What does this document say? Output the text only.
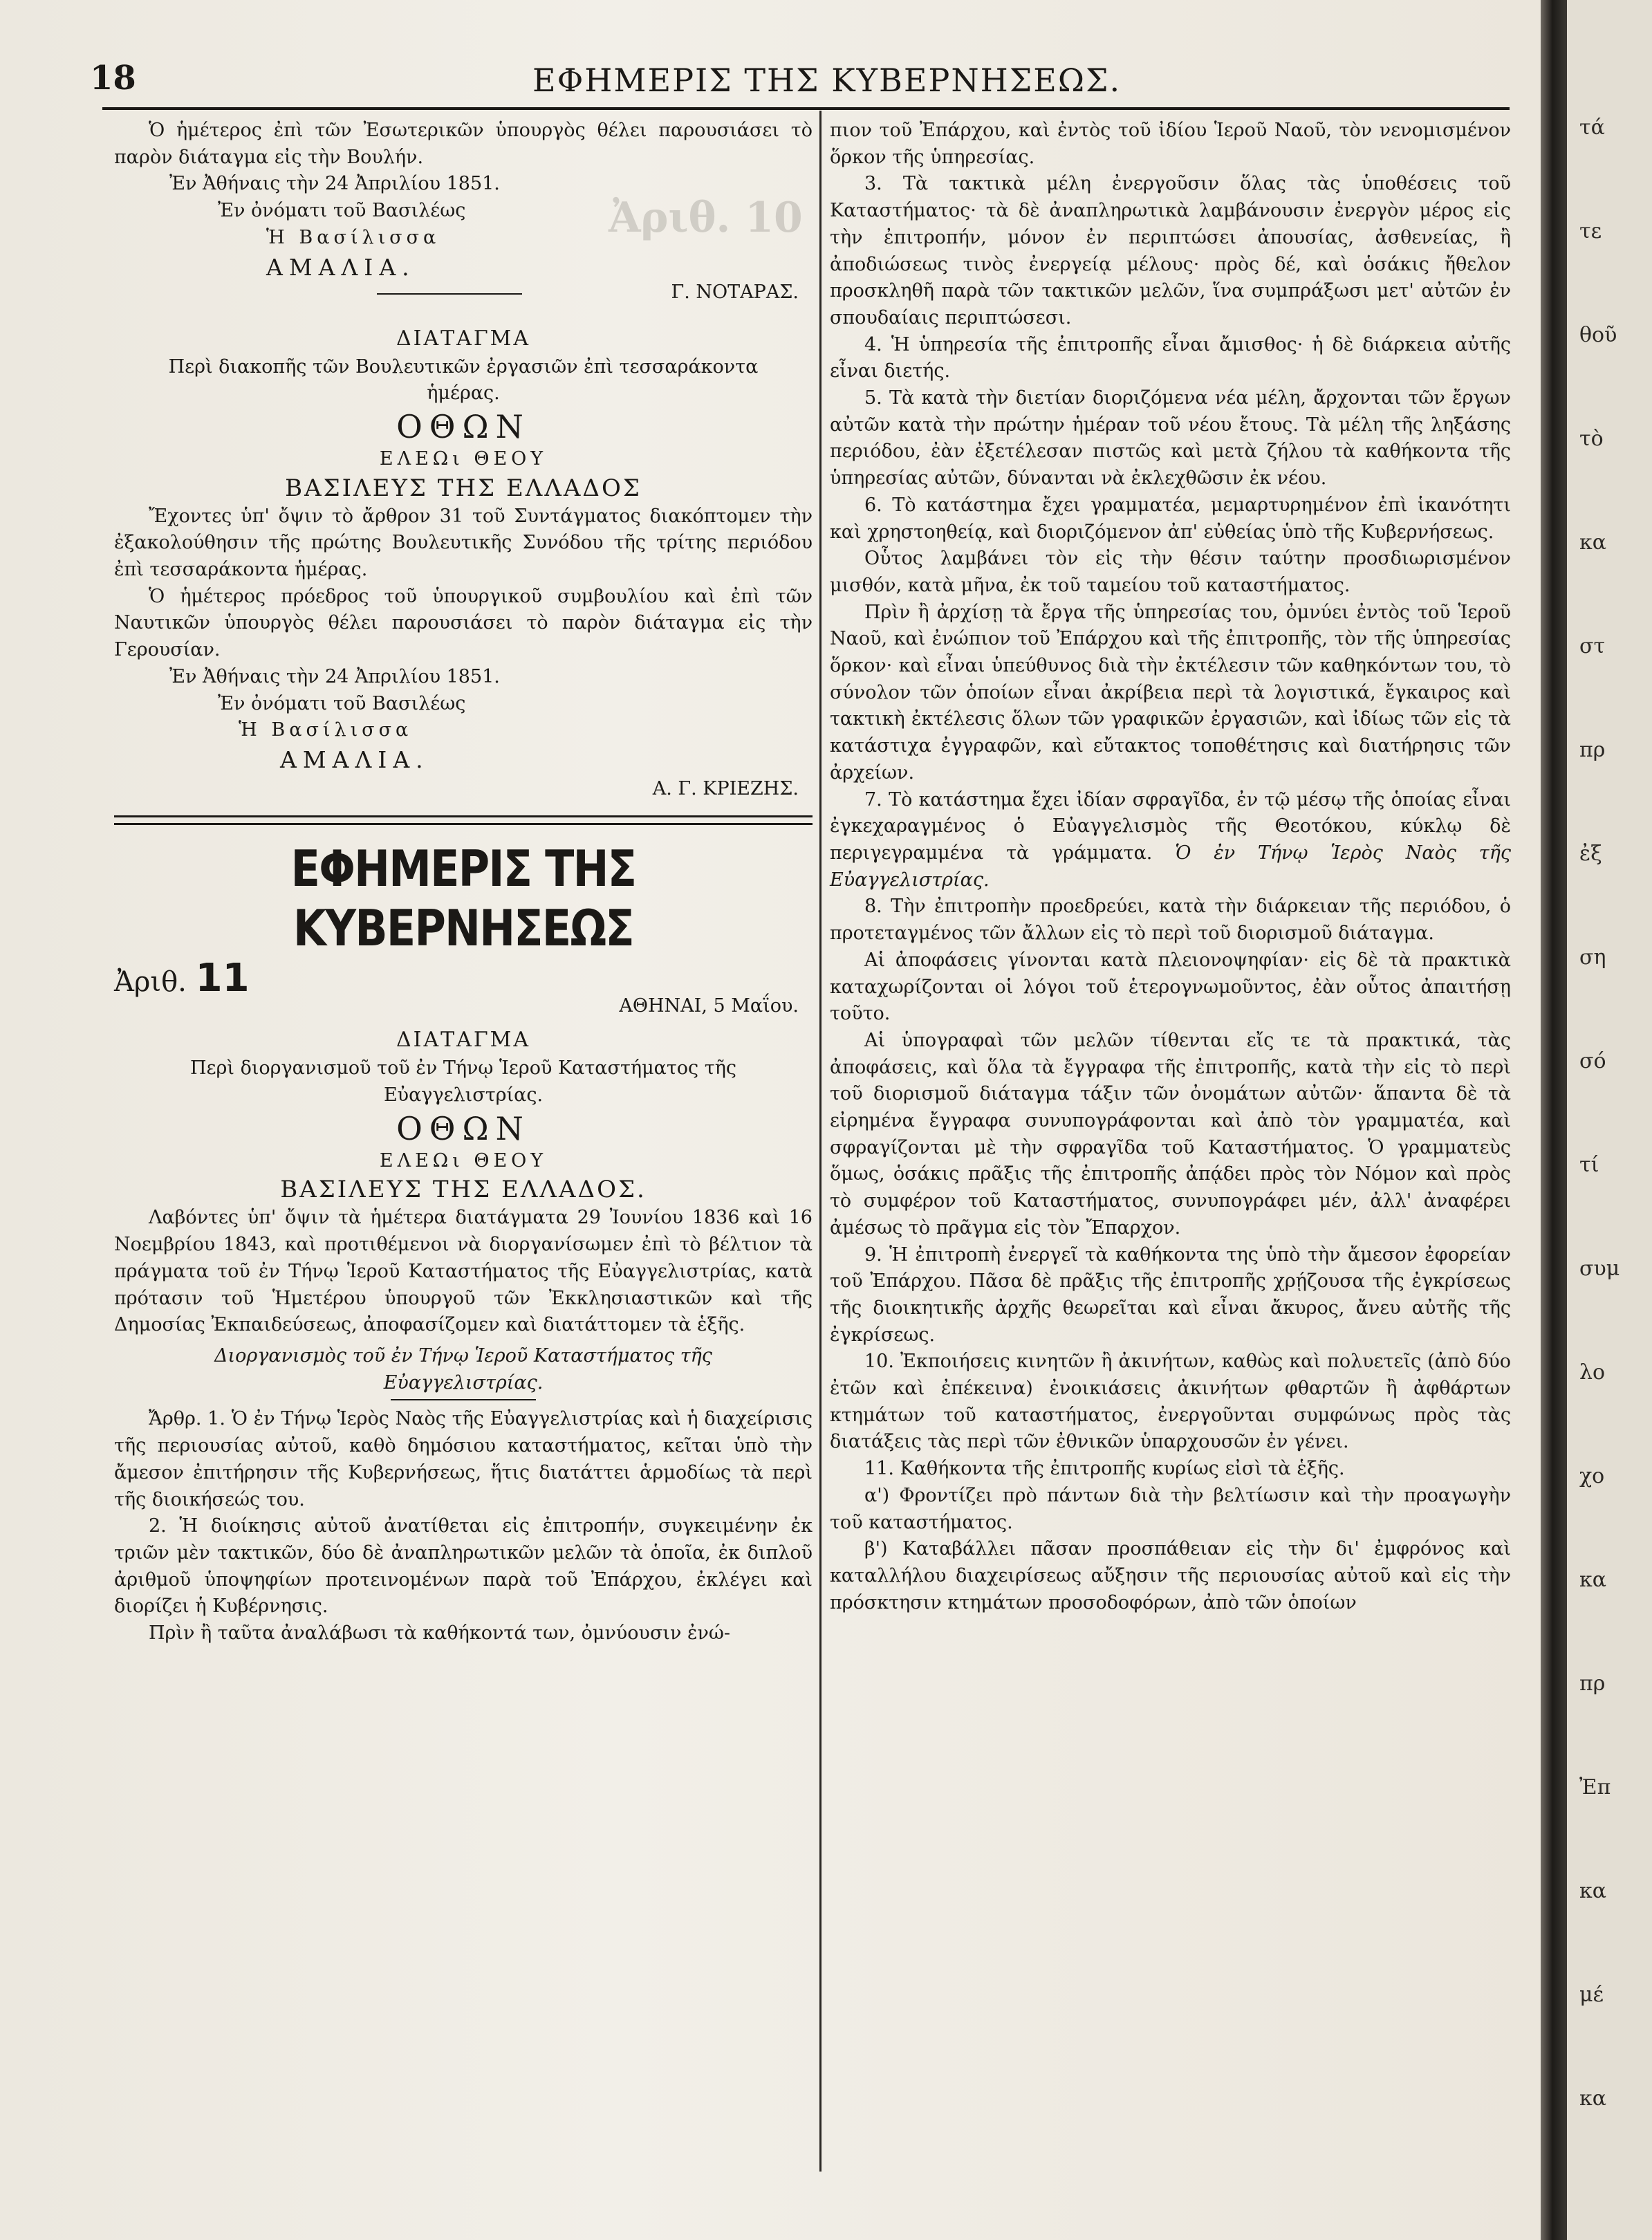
Ἀριθ. 10
18	ΕΦΗΜΕΡΙΣ ΤΗΣ ΚΥΒΕΡΝΗΣΕΩΣ.

Ὁ ἡμέτερος ἐπὶ τῶν Ἐσωτερικῶν ὑπουργὸς θέλει παρουσιάσει τὸ παρὸν διάταγμα εἰς τὴν Βουλήν.

Ἐν Ἀθήναις τὴν 24 Ἀπριλίου 1851.

Ἐν ὀνόματι τοῦ Βασιλέως

Ἡ Βασίλισσα

ΑΜΑΛΙΑ.

Γ. ΝΟΤΑΡΑΣ.

ΔΙΑΤΑΓΜΑ

Περὶ διακοπῆς τῶν Βουλευτικῶν ἐργασιῶν ἐπὶ τεσσαράκοντα ἡμέρας.

ΟΘΩΝ

ΕΛΕΩι ΘΕΟΥ

ΒΑΣΙΛΕΥΣ ΤΗΣ ΕΛΛΑΔΟΣ

Ἔχοντες ὑπ' ὄψιν τὸ ἄρθρον 31 τοῦ Συντάγματος διακόπτομεν τὴν ἐξακολούθησιν τῆς πρώτης Βουλευτικῆς Συνόδου τῆς τρίτης περιόδου ἐπὶ τεσσαράκοντα ἡμέρας.

Ὁ ἡμέτερος πρόεδρος τοῦ ὑπουργικοῦ συμβουλίου καὶ ἐπὶ τῶν Ναυτικῶν ὑπουργὸς θέλει παρουσιάσει τὸ παρὸν διάταγμα εἰς τὴν Γερουσίαν.

Ἐν Ἀθήναις τὴν 24 Ἀπριλίου 1851.

Ἐν ὀνόματι τοῦ Βασιλέως

Ἡ Βασίλισσα

ΑΜΑΛΙΑ.

Α. Γ. ΚΡΙΕΖΗΣ.

ΕΦΗΜΕΡΙΣ ΤΗΣ ΚΥΒΕΡΝΗΣΕΩΣ

Ἀριθ. 11

ΑΘΗΝΑΙ, 5 Μαΐου.

ΔΙΑΤΑΓΜΑ

Περὶ διοργανισμοῦ τοῦ ἐν Τήνῳ Ἱεροῦ Καταστήματος τῆς Εὐαγγελιστρίας.

ΟΘΩΝ

ΕΛΕΩι ΘΕΟΥ

ΒΑΣΙΛΕΥΣ ΤΗΣ ΕΛΛΑΔΟΣ.

Λαβόντες ὑπ' ὄψιν τὰ ἡμέτερα διατάγματα 29 Ἰουνίου 1836 καὶ 16 Νοεμβρίου 1843, καὶ προτιθέμενοι νὰ διοργανίσωμεν ἐπὶ τὸ βέλτιον τὰ πράγματα τοῦ ἐν Τήνῳ Ἱεροῦ Καταστήματος τῆς Εὐαγγελιστρίας, κατὰ πρότασιν τοῦ Ἡμετέρου ὑπουργοῦ τῶν Ἐκκλησιαστικῶν καὶ τῆς Δημοσίας Ἐκπαιδεύσεως, ἀποφασίζομεν καὶ διατάττομεν τὰ ἑξῆς.

Διοργανισμὸς τοῦ ἐν Τήνῳ Ἱεροῦ Καταστήματος τῆς Εὐαγγελιστρίας.

Ἄρθρ. 1. Ὁ ἐν Τήνῳ Ἱερὸς Ναὸς τῆς Εὐαγγελιστρίας καὶ ἡ διαχείρισις τῆς περιουσίας αὐτοῦ, καθὸ δημόσιου καταστήματος, κεῖται ὑπὸ τὴν ἄμεσον ἐπιτήρησιν τῆς Κυβερνήσεως, ἥτις διατάττει ἁρμοδίως τὰ περὶ τῆς διοικήσεώς του.

2. Ἡ διοίκησις αὐτοῦ ἀνατίθεται εἰς ἐπιτροπήν, συγκειμένην ἐκ τριῶν μὲν τακτικῶν, δύο δὲ ἀναπληρωτικῶν μελῶν τὰ ὁποῖα, ἐκ διπλοῦ ἀριθμοῦ ὑποψηφίων προτεινομένων παρὰ τοῦ Ἐπάρχου, ἐκλέγει καὶ διορίζει ἡ Κυβέρνησις.

Πρὶν ἢ ταῦτα ἀναλάβωσι τὰ καθήκοντά των, ὀμνύουσιν ἐνώ-

πιον τοῦ Ἐπάρχου, καὶ ἐντὸς τοῦ ἰδίου Ἱεροῦ Ναοῦ, τὸν νενομισμένον ὅρκον τῆς ὑπηρεσίας.

3. Τὰ τακτικὰ μέλη ἐνεργοῦσιν ὅλας τὰς ὑποθέσεις τοῦ Καταστήματος· τὰ δὲ ἀναπληρωτικὰ λαμβάνουσιν ἐνεργὸν μέρος εἰς τὴν ἐπιτροπήν, μόνον ἐν περιπτώσει ἀπουσίας, ἀσθενείας, ἢ ἀποδιώσεως τινὸς ἐνεργείᾳ μέλους· πρὸς δέ, καὶ ὁσάκις ἤθελον προσκληθῆ παρὰ τῶν τακτικῶν μελῶν, ἵνα συμπράξωσι μετ' αὐτῶν ἐν σπουδαίαις περιπτώσεσι.

4. Ἡ ὑπηρεσία τῆς ἐπιτροπῆς εἶναι ἄμισθος· ἡ δὲ διάρκεια αὐτῆς εἶναι διετής.

5. Τὰ κατὰ τὴν διετίαν διοριζόμενα νέα μέλη, ἄρχονται τῶν ἔργων αὐτῶν κατὰ τὴν πρώτην ἡμέραν τοῦ νέου ἔτους. Τὰ μέλη τῆς ληξάσης περιόδου, ἐὰν ἐξετέλεσαν πιστῶς καὶ μετὰ ζήλου τὰ καθήκοντα τῆς ὑπηρεσίας αὐτῶν, δύνανται νὰ ἐκλεχθῶσιν ἐκ νέου.

6. Τὸ κατάστημα ἔχει γραμματέα, μεμαρτυρημένον ἐπὶ ἱκανότητι καὶ χρηστοηθείᾳ, καὶ διοριζόμενον ἀπ' εὐθείας ὑπὸ τῆς Κυβερνήσεως.

Οὗτος λαμβάνει τὸν εἰς τὴν θέσιν ταύτην προσδιωρισμένον μισθόν, κατὰ μῆνα, ἐκ τοῦ ταμείου τοῦ καταστήματος.

Πρὶν ἢ ἀρχίσῃ τὰ ἔργα τῆς ὑπηρεσίας του, ὀμνύει ἐντὸς τοῦ Ἱεροῦ Ναοῦ, καὶ ἐνώπιον τοῦ Ἐπάρχου καὶ τῆς ἐπιτροπῆς, τὸν τῆς ὑπηρεσίας ὅρκον· καὶ εἶναι ὑπεύθυνος διὰ τὴν ἐκτέλεσιν τῶν καθηκόντων του, τὸ σύνολον τῶν ὁποίων εἶναι ἀκρίβεια περὶ τὰ λογιστικά, ἔγκαιρος καὶ τακτικὴ ἐκτέλεσις ὅλων τῶν γραφικῶν ἐργασιῶν, καὶ ἰδίως τῶν εἰς τὰ κατάστιχα ἐγγραφῶν, καὶ εὔτακτος τοποθέτησις καὶ διατήρησις τῶν ἀρχείων.

7. Τὸ κατάστημα ἔχει ἰδίαν σφραγῖδα, ἐν τῷ μέσῳ τῆς ὁποίας εἶναι ἐγκεχαραγμένος ὁ Εὐαγγελισμὸς τῆς Θεοτόκου, κύκλῳ δὲ περιγεγραμμένα τὰ γράμματα. Ὁ ἐν Τήνῳ Ἱερὸς Ναὸς τῆς Εὐαγγελιστρίας.

8. Τὴν ἐπιτροπὴν προεδρεύει, κατὰ τὴν διάρκειαν τῆς περιόδου, ὁ προτεταγμένος τῶν ἄλλων εἰς τὸ περὶ τοῦ διορισμοῦ διάταγμα.

Αἱ ἀποφάσεις γίνονται κατὰ πλειονοψηφίαν· εἰς δὲ τὰ πρακτικὰ καταχωρίζονται οἱ λόγοι τοῦ ἑτερογνωμοῦντος, ἐὰν οὗτος ἀπαιτήσῃ τοῦτο.

Αἱ ὑπογραφαὶ τῶν μελῶν τίθενται εἴς τε τὰ πρακτικά, τὰς ἀποφάσεις, καὶ ὅλα τὰ ἔγγραφα τῆς ἐπιτροπῆς, κατὰ τὴν εἰς τὸ περὶ τοῦ διορισμοῦ διάταγμα τάξιν τῶν ὀνομάτων αὐτῶν· ἅπαντα δὲ τὰ εἰρημένα ἔγγραφα συνυπογράφονται καὶ ἀπὸ τὸν γραμματέα, καὶ σφραγίζονται μὲ τὴν σφραγῖδα τοῦ Καταστήματος. Ὁ γραμματεὺς ὅμως, ὁσάκις πρᾶξις τῆς ἐπιτροπῆς ἀπᾴδει πρὸς τὸν Νόμον καὶ πρὸς τὸ συμφέρον τοῦ Καταστήματος, συνυπογράφει μέν, ἀλλ' ἀναφέρει ἀμέσως τὸ πρᾶγμα εἰς τὸν Ἔπαρχον.

9. Ἡ ἐπιτροπὴ ἐνεργεῖ τὰ καθήκοντα της ὑπὸ τὴν ἄμεσον ἐφορείαν τοῦ Ἐπάρχου. Πᾶσα δὲ πρᾶξις τῆς ἐπιτροπῆς χρῄζουσα τῆς ἐγκρίσεως τῆς διοικητικῆς ἀρχῆς θεωρεῖται καὶ εἶναι ἄκυρος, ἄνευ αὐτῆς τῆς ἐγκρίσεως.

10. Ἐκποιήσεις κινητῶν ἢ ἀκινήτων, καθὼς καὶ πολυετεῖς (ἀπὸ δύο ἐτῶν καὶ ἐπέκεινα) ἐνοικιάσεις ἀκινήτων φθαρτῶν ἢ ἀφθάρτων κτημάτων τοῦ καταστήματος, ἐνεργοῦνται συμφώνως πρὸς τὰς διατάξεις τὰς περὶ τῶν ἐθνικῶν ὑπαρχουσῶν ἐν γένει.

11. Καθήκοντα τῆς ἐπιτροπῆς κυρίως εἰσὶ τὰ ἑξῆς.

α') Φροντίζει πρὸ πάντων διὰ τὴν βελτίωσιν καὶ τὴν προαγωγὴν τοῦ καταστήματος.

β') Καταβάλλει πᾶσαν προσπάθειαν εἰς τὴν δι' ἐμφρόνος καὶ καταλλήλου διαχειρίσεως αὔξησιν τῆς περιουσίας αὐτοῦ καὶ εἰς τὴν πρόσκτησιν κτημάτων προσοδοφόρων, ἀπὸ τῶν ὁποίων

τά
τε
θοῦ
τὸ
κα
στ
πρ
ἐξ
ση
σό
τί
συμ
λο
χο
κα
πρ
Ἐπ
κα
μέ
κα
